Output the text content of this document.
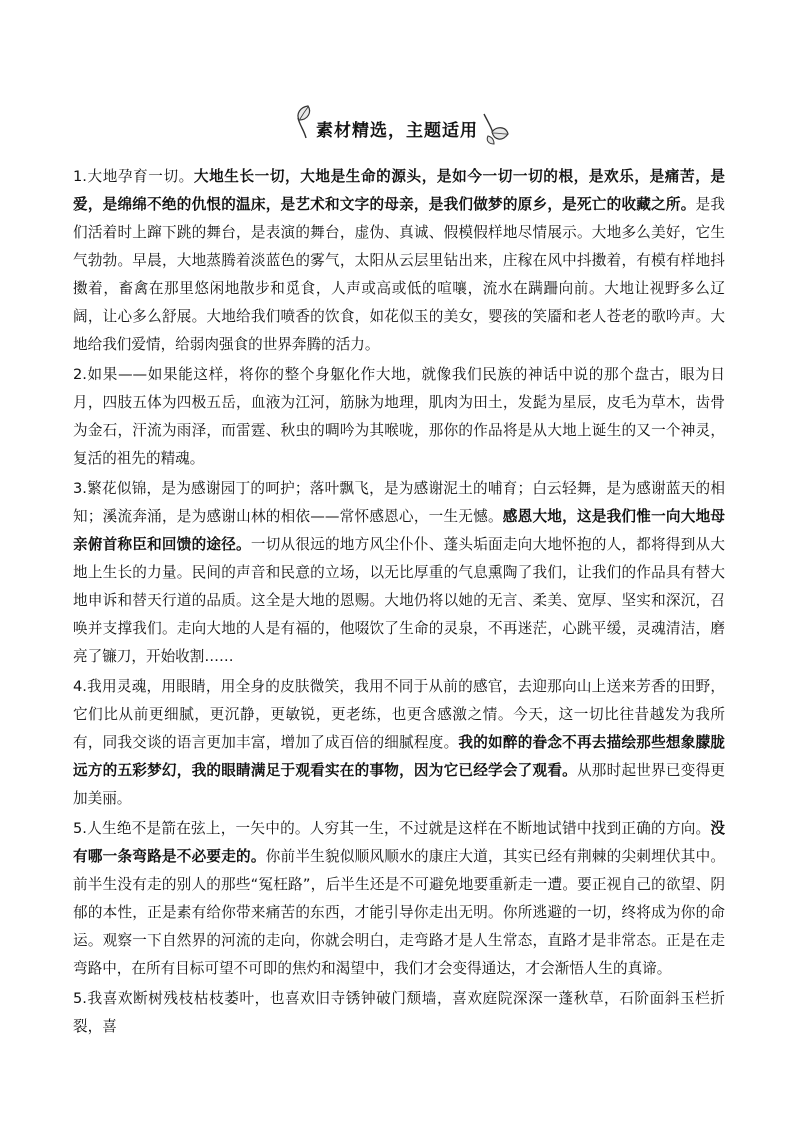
素材精选，主题适用

1.大地孕育一切。大地生长一切，大地是生命的源头，是如今一切一切的根，是欢乐，是痛苦，是爱，是绵绵不绝的仇恨的温床，是艺术和文字的母亲，是我们做梦的原乡，是死亡的收藏之所。是我们活着时上蹿下跳的舞台，是表演的舞台，虚伪、真诚、假模假样地尽情展示。大地多么美好，它生气勃勃。早晨，大地蒸腾着淡蓝色的雾气，太阳从云层里钻出来，庄稼在风中抖擞着，有模有样地抖擞着，畜禽在那里悠闲地散步和觅食，人声或高或低的喧嚷，流水在蹒跚向前。大地让视野多么辽阔，让心多么舒展。大地给我们喷香的饮食，如花似玉的美女，婴孩的笑靥和老人苍老的歌吟声。大地给我们爱情，给弱肉强食的世界奔腾的活力。

2.如果——如果能这样，将你的整个身躯化作大地，就像我们民族的神话中说的那个盘古，眼为日月，四肢五体为四极五岳，血液为江河，筋脉为地理，肌肉为田土，发髭为星辰，皮毛为草木，齿骨为金石，汗流为雨泽，而雷霆、秋虫的啁吟为其喉咙，那你的作品将是从大地上诞生的又一个神灵，复活的祖先的精魂。

3.繁花似锦，是为感谢园丁的呵护；落叶飘飞，是为感谢泥土的哺育；白云轻舞，是为感谢蓝天的相知；溪流奔涌，是为感谢山林的相依——常怀感恩心，一生无憾。感恩大地，这是我们惟一向大地母亲俯首称臣和回馈的途径。一切从很远的地方风尘仆仆、蓬头垢面走向大地怀抱的人，都将得到从大地上生长的力量。民间的声音和民意的立场，以无比厚重的气息熏陶了我们，让我们的作品具有替大地申诉和替天行道的品质。这全是大地的恩赐。大地仍将以她的无言、柔美、宽厚、坚实和深沉，召唤并支撑我们。走向大地的人是有福的，他啜饮了生命的灵泉，不再迷茫，心跳平缓，灵魂清洁，磨亮了镰刀，开始收割……

4.我用灵魂，用眼睛，用全身的皮肤微笑，我用不同于从前的感官，去迎那向山上送来芳香的田野，它们比从前更细腻，更沉静，更敏锐，更老练，也更含感激之情。今天，这一切比往昔越发为我所有，同我交谈的语言更加丰富，增加了成百倍的细腻程度。我的如醉的眷念不再去描绘那些想象朦胧远方的五彩梦幻，我的眼睛满足于观看实在的事物，因为它已经学会了观看。从那时起世界已变得更加美丽。

5.人生绝不是箭在弦上，一矢中的。人穷其一生，不过就是这样在不断地试错中找到正确的方向。没有哪一条弯路是不必要走的。你前半生貌似顺风顺水的康庄大道，其实已经有荆棘的尖刺埋伏其中。前半生没有走的别人的那些“冤枉路”，后半生还是不可避免地要重新走一遭。要正视自己的欲望、阴郁的本性，正是素有给你带来痛苦的东西，才能引导你走出无明。你所逃避的一切，终将成为你的命运。观察一下自然界的河流的走向，你就会明白，走弯路才是人生常态，直路才是非常态。正是在走弯路中，在所有目标可望不可即的焦灼和渴望中，我们才会变得通达，才会渐悟人生的真谛。

5.我喜欢断树残枝枯枝萎叶，也喜欢旧寺锈钟破门颓墙，喜欢庭院深深一蓬秋草，石阶面斜玉栏折裂，喜
